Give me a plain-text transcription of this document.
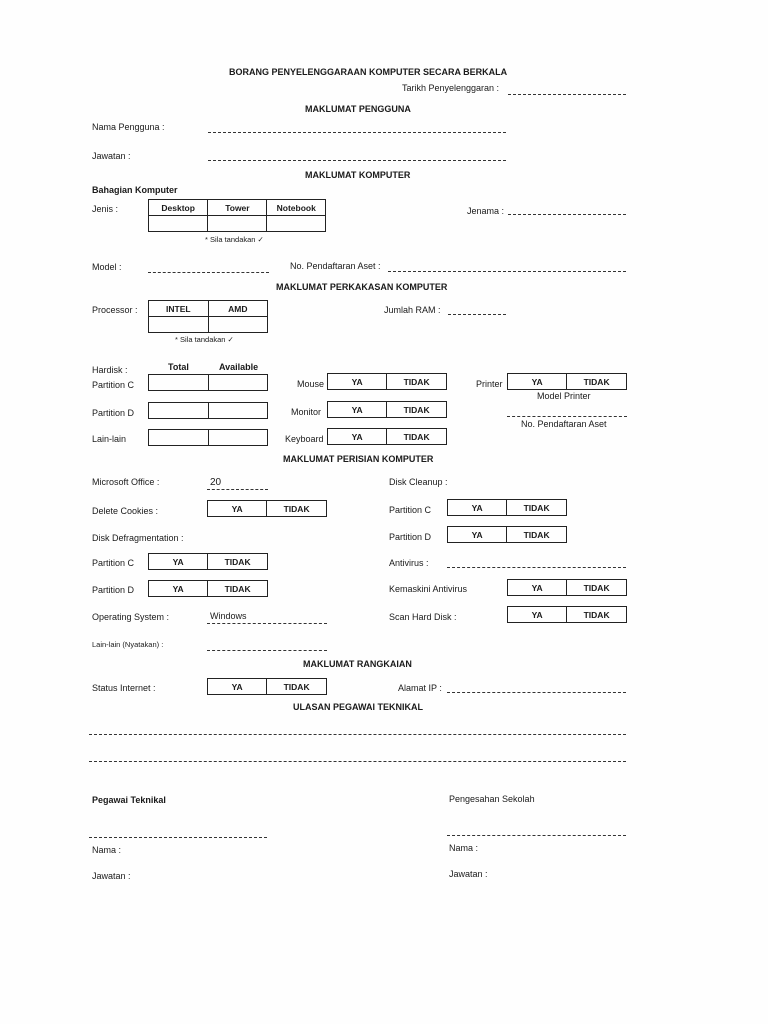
BORANG PENYELENGGARAAN KOMPUTER SECARA BERKALA
Tarikh Penyelenggaran :
MAKLUMAT PENGGUNA
Nama Pengguna :
Jawatan :
MAKLUMAT KOMPUTER
Bahagian Komputer
Jenis :	Desktop	Tower	Notebook

* Sila tandakan ✓
Jenama :
Model :	No. Pendaftaran Aset :
MAKLUMAT PERKAKASAN KOMPUTER
Processor :	INTEL	AMD

* Sila tandakan ✓
Jumlah RAM :
Hardisk :	Total	Available
Partition C

Partition D

Lain-lain

Mouse	YA	TIDAK
Monitor	YA	TIDAK
Keyboard	YA	TIDAK
Printer	YA	TIDAK
Model Printer
No. Pendaftaran Aset
MAKLUMAT PERISIAN KOMPUTER
Microsoft Office :	20	Disk Cleanup :
Delete Cookies :	YA	TIDAK	Partition C	YA	TIDAK
Partition D	YA	TIDAK
Disk Defragmentation :
Partition C	YA	TIDAK
Partition D	YA	TIDAK
Antivirus :
Kemaskini Antivirus	YA	TIDAK
Operating System :	Windows	Scan Hard Disk :	YA	TIDAK
Lain-lain (Nyatakan) :
MAKLUMAT RANGKAIAN
Status Internet :	YA	TIDAK	Alamat IP :
ULASAN PEGAWAI TEKNIKAL
Pegawai Teknikal	Pengesahan Sekolah
Nama :	Nama :
Jawatan :	Jawatan :
